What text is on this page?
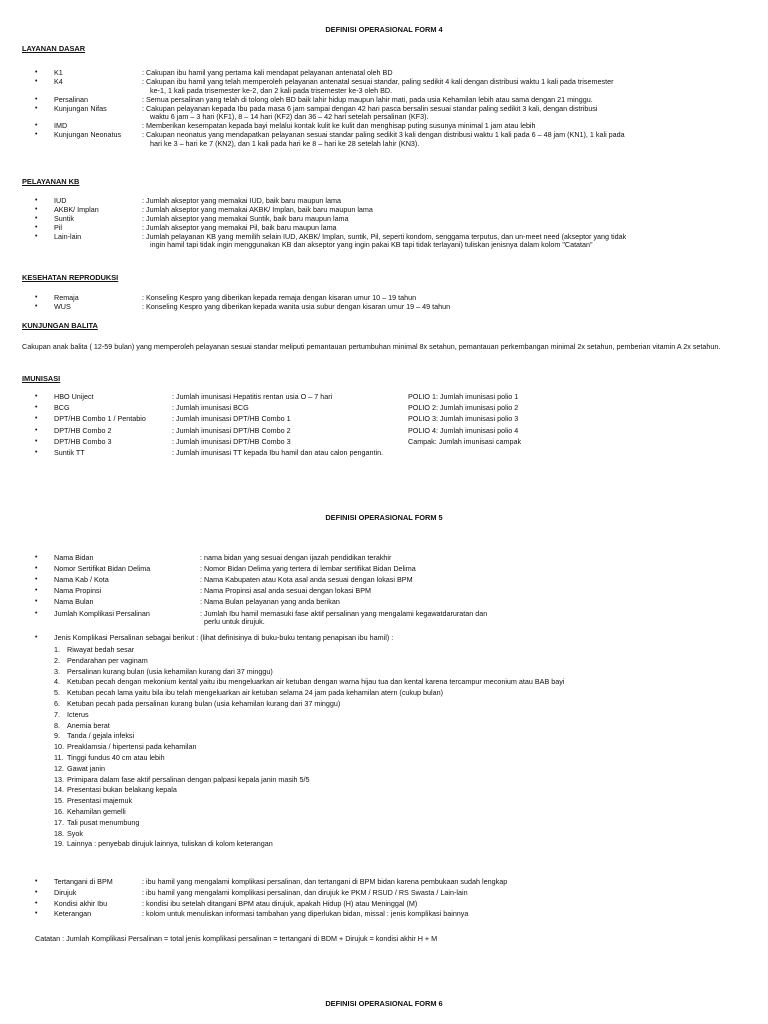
DEFINISI OPERASIONAL FORM 4
LAYANAN DASAR
• K1	: Cakupan ibu hamil yang pertama kali mendapat pelayanan antenatal oleh BD
• K4	: Cakupan ibu hamil yang telah memperoleh pelayanan antenatal sesuai standar, paling sedikit 4 kali dengan distribusi waktu 1 kali pada trisemester
ke-1, 1 kali pada trisemester ke-2, dan 2 kali pada trisemester ke-3 oleh BD.
• Persalinan	: Semua persalinan yang telah di tolong oleh BD baik lahir hidup maupun lahir mati, pada usia Kehamilan lebih atau sama dengan 21 minggu.
• Kunjungan Nifas	: Cakupan pelayanan kepada Ibu pada masa 6 jam sampai dengan 42 hari pasca bersalin sesuai standar paling sedikit 3 kali, dengan distribusi
waktu 6 jam – 3 hari (KF1), 8 – 14 hari (KF2) dan 36 – 42 hari setelah persalinan (KF3).
• IMD	: Memberikan kesempatan kepada bayi melalui kontak kulit ke kulit dan menghisap puting susunya minimal 1 jam atau lebih
• Kunjungan Neonatus	: Cakupan neonatus yang mendapatkan pelayanan sesuai standar paling sedikit 3 kali dengan distribusi waktu 1 kali pada 6 – 48 jam (KN1), 1 kali pada
hari ke 3 – hari ke 7 (KN2), dan 1 kali pada hari ke 8 – hari ke 28 setelah lahir (KN3).
PELAYANAN KB
• IUD	: Jumlah akseptor yang memakai IUD, baik baru maupun lama
• AKBK/ Implan	: Jumlah akseptor yang memakai AKBK/ Implan, baik baru maupun lama
• Suntik	: Jumlah akseptor yang memakai Suntik, baik baru maupun lama
• Pil	: Jumlah akseptor yang memakai Pil, baik baru maupun lama
• Lain-lain	: Jumlah pelayanan KB yang memilih selain IUD, AKBK/ Implan, suntik, Pil, seperti kondom, senggama terputus, dan un-meet need (akseptor yang tidak
ingin hamil tapi tidak ingin menggunakan KB dan akseptor yang ingin pakai KB tapi tidak terlayani) tuliskan jenisnya dalam kolom "Catatan"
KESEHATAN REPRODUKSI
• Remaja	: Konseling Kespro yang diberikan kepada remaja dengan kisaran umur 10 – 19 tahun
• WUS	: Konseling Kespro yang diberikan kepada wanita usia subur dengan kisaran umur 19 – 49 tahun
KUNJUNGAN BALITA
Cakupan anak balita ( 12-59 bulan) yang memperoleh pelayanan sesuai standar meliputi pemantauan pertumbuhan minimal 8x setahun, pemantauan perkembangan minimal 2x setahun, pemberian vitamin A 2x setahun.
IMUNISASI
• HBO Uniject	: Jumlah imunisasi Hepatitis rentan usia O – 7 hari	POLIO 1: Jumlah imunisasi polio 1
• BCG	: Jumlah imunisasi BCG	POLIO 2: Jumlah imunisasi polio 2
• DPT/HB Combo 1 / Pentabio	: Jumlah imunisasi DPT/HB Combo 1	POLIO 3: Jumlah imunisasi polio 3
• DPT/HB Combo 2	: Jumlah imunisasi DPT/HB Combo 2	POLIO 4: Jumlah imunisasi polio 4
• DPT/HB Combo 3	: Jumlah imunisasi DPT/HB Combo 3	Campak: Jumlah imunisasi campak
• Suntik TT	: Jumlah imunisasi TT kepada Ibu hamil dan atau calon pengantin.
DEFINISI OPERASIONAL FORM 5
• Nama Bidan	: nama bidan yang sesuai dengan ijazah pendidikan terakhir
• Nomor Sertifikat Bidan Delima	: Nomor Bidan Delima yang tertera di lembar sertifikat Bidan Delima
• Nama Kab / Kota	: Nama Kabupaten atau Kota asal anda sesuai dengan lokasi BPM
• Nama Propinsi	: Nama Propinsi asal anda sesuai dengan lokasi BPM
• Nama Bulan	: Nama Bulan pelayanan yang anda berikan
• Jumlah Komplikasi Persalinan	: Jumlah Ibu hamil memasuki fase aktif persalinan yang mengalami kegawatdaruratan dan
perlu untuk dirujuk.
• Jenis Komplikasi Persalinan sebagai berikut : (lihat definisinya di buku-buku tentang penapisan ibu hamil) :
1. Riwayat bedah sesar
2. Pendarahan per vaginam
3. Persalinan kurang bulan (usia kehamilan kurang dari 37 minggu)
4. Ketuban pecah dengan mekonium kental yaitu ibu mengeluarkan air ketuban dengan warna hijau tua dan kental karena tercampur meconium atau BAB bayi
5. Ketuban pecah lama yaitu bila ibu telah mengeluarkan air ketuban selama 24 jam pada kehamilan atern (cukup bulan)
6. Ketuban pecah pada persalinan kurang bulan (usia kehamilan kurang dari 37 minggu)
7. Icterus
8. Anemia berat
9. Tanda / gejala infeksi
10. Preaklamsia / hipertensi pada kehamilan
11. Tinggi fundus 40 cm atau lebih
12. Gawat janin
13. Primipara dalam fase aktif persalinan dengan palpasi kepala janin masih 5/5
14. Presentasi bukan belakang kepala
15. Presentasi majemuk
16. Kehamilan gemelli
17. Tali pusat menumbung
18. Syok
19. Lainnya : penyebab dirujuk lainnya, tuliskan di kolom keterangan
• Tertangani di BPM	: ibu hamil yang mengalami komplikasi persalinan, dan tertangani di BPM bidan karena pembukaan sudah lengkap
• Dirujuk	: ibu hamil yang mengalami komplikasi persalinan, dan dirujuk ke PKM / RSUD / RS Swasta / Lain-lain
• Kondisi akhir Ibu	: kondisi ibu setelah ditangani BPM atau dirujuk, apakah Hidup (H) atau Meninggal (M)
• Keterangan	: kolom untuk menuliskan informasi tambahan yang diperlukan bidan, missal : jenis komplikasi bainnya
Catatan : Jumlah Komplikasi Persalinan = total jenis komplikasi persalinan = tertangani di BDM + Dirujuk = kondisi akhir H + M
DEFINISI OPERASIONAL FORM 6
